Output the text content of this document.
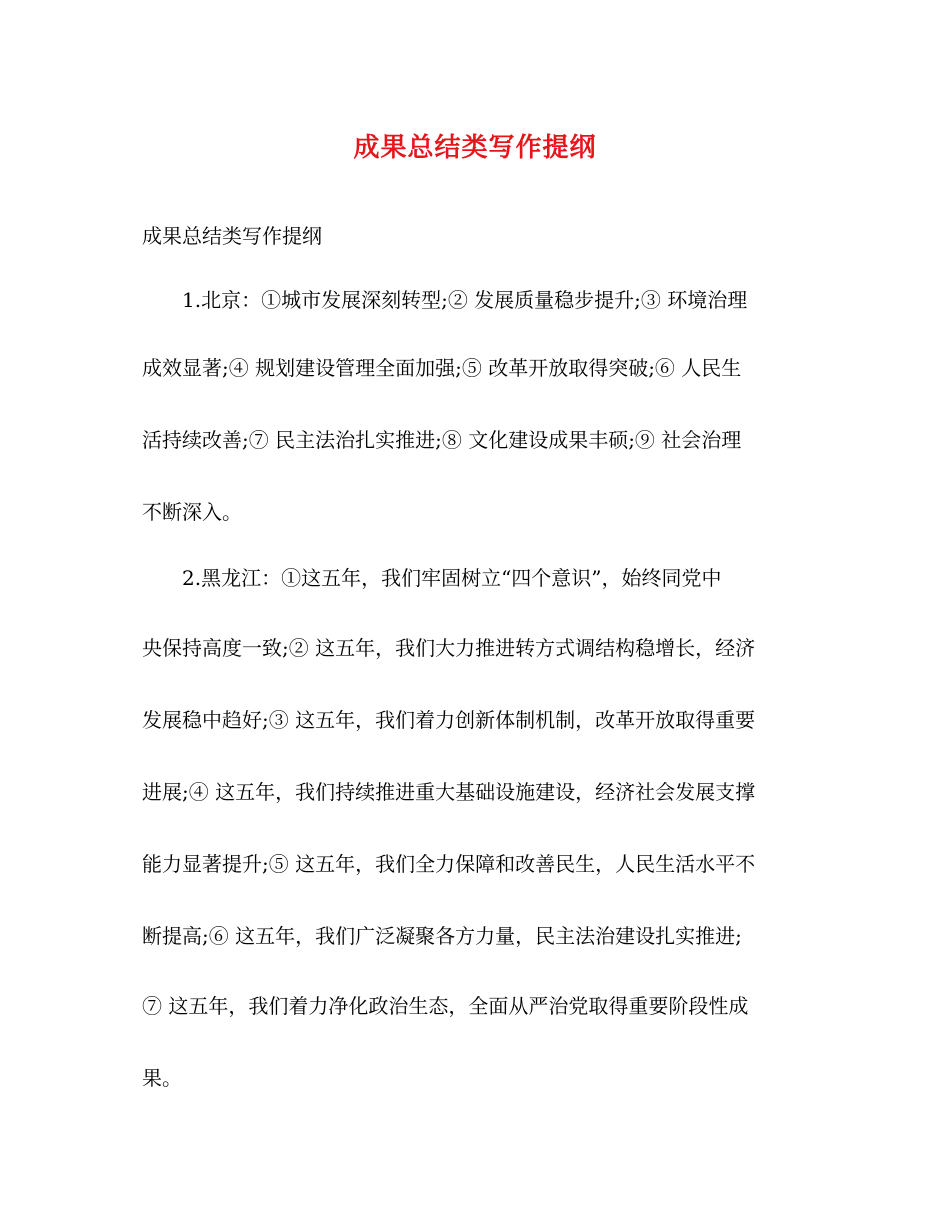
成果总结类写作提纲
成果总结类写作提纲
1.北京：①城市发展深刻转型;② 发展质量稳步提升;③ 环境治理
成效显著;④ 规划建设管理全面加强;⑤ 改革开放取得突破;⑥ 人民生
活持续改善;⑦ 民主法治扎实推进;⑧ 文化建设成果丰硕;⑨ 社会治理
不断深入。
2.黑龙江：①这五年，我们牢固树立“四个意识”，始终同党中
央保持高度一致;② 这五年，我们大力推进转方式调结构稳增长，经济
发展稳中趋好;③ 这五年，我们着力创新体制机制，改革开放取得重要
进展;④ 这五年，我们持续推进重大基础设施建设，经济社会发展支撑
能力显著提升;⑤ 这五年，我们全力保障和改善民生，人民生活水平不
断提高;⑥ 这五年，我们广泛凝聚各方力量，民主法治建设扎实推进;
⑦ 这五年，我们着力净化政治生态，全面从严治党取得重要阶段性成
果。
